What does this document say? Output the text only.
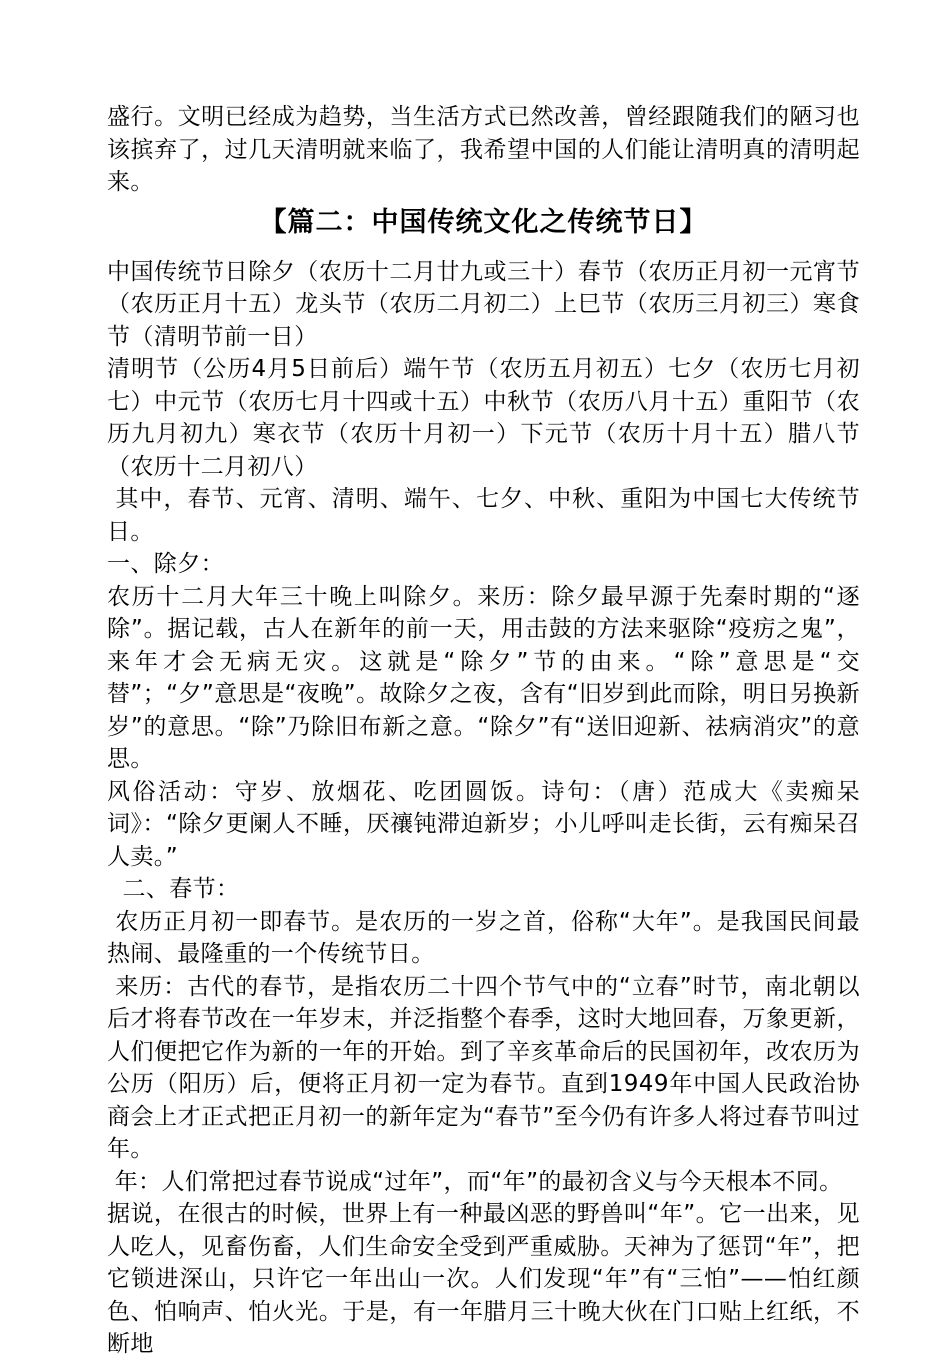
盛行。文明已经成为趋势，当生活方式已然改善，曾经跟随我们的陋习也该摈弃了，过几天清明就来临了，我希望中国的人们能让清明真的清明起来。

【篇二：中国传统文化之传统节日】

中国传统节日除夕（农历十二月廿九或三十）春节（农历正月初一元宵节（农历正月十五）龙头节（农历二月初二）上巳节（农历三月初三）寒食节（清明节前一日）

清明节（公历4月5日前后）端午节（农历五月初五）七夕（农历七月初七）中元节（农历七月十四或十五）中秋节（农历八月十五）重阳节（农历九月初九）寒衣节（农历十月初一）下元节（农历十月十五）腊八节（农历十二月初八）

其中，春节、元宵、清明、端午、七夕、中秋、重阳为中国七大传统节日。

一、除夕：

农历十二月大年三十晚上叫除夕。来历：除夕最早源于先秦时期的“逐除”。据记载，古人在新年的前一天，用击鼓的方法来驱除“疫疠之鬼”，来年才会无病无灾。这就是“除夕”节的由来。“除”意思是“交替”；“夕”意思是“夜晚”。故除夕之夜，含有“旧岁到此而除，明日另换新岁”的意思。“除”乃除旧布新之意。“除夕”有“送旧迎新、祛病消灾”的意思。

风俗活动：守岁、放烟花、吃团圆饭。诗句：（唐）范成大《卖痴呆词》：“除夕更阑人不睡，厌禳钝滞迫新岁；小儿呼叫走长街，云有痴呆召人卖。”

二、春节：

农历正月初一即春节。是农历的一岁之首，俗称“大年”。是我国民间最热闹、最隆重的一个传统节日。

来历：古代的春节，是指农历二十四个节气中的“立春”时节，南北朝以后才将春节改在一年岁末，并泛指整个春季，这时大地回春，万象更新，人们便把它作为新的一年的开始。到了辛亥革命后的民国初年，改农历为公历（阳历）后，便将正月初一定为春节。直到1949年中国人民政治协商会上才正式把正月初一的新年定为“春节”至今仍有许多人将过春节叫过年。

年：人们常把过春节说成“过年”，而“年”的最初含义与今天根本不同。

据说，在很古的时候，世界上有一种最凶恶的野兽叫“年”。它一出来，见人吃人，见畜伤畜，人们生命安全受到严重威胁。天神为了惩罚“年”，把它锁进深山，只许它一年出山一次。人们发现“年”有“三怕”——怕红颜色、怕响声、怕火光。于是，有一年腊月三十晚大伙在门口贴上红纸，不断地
